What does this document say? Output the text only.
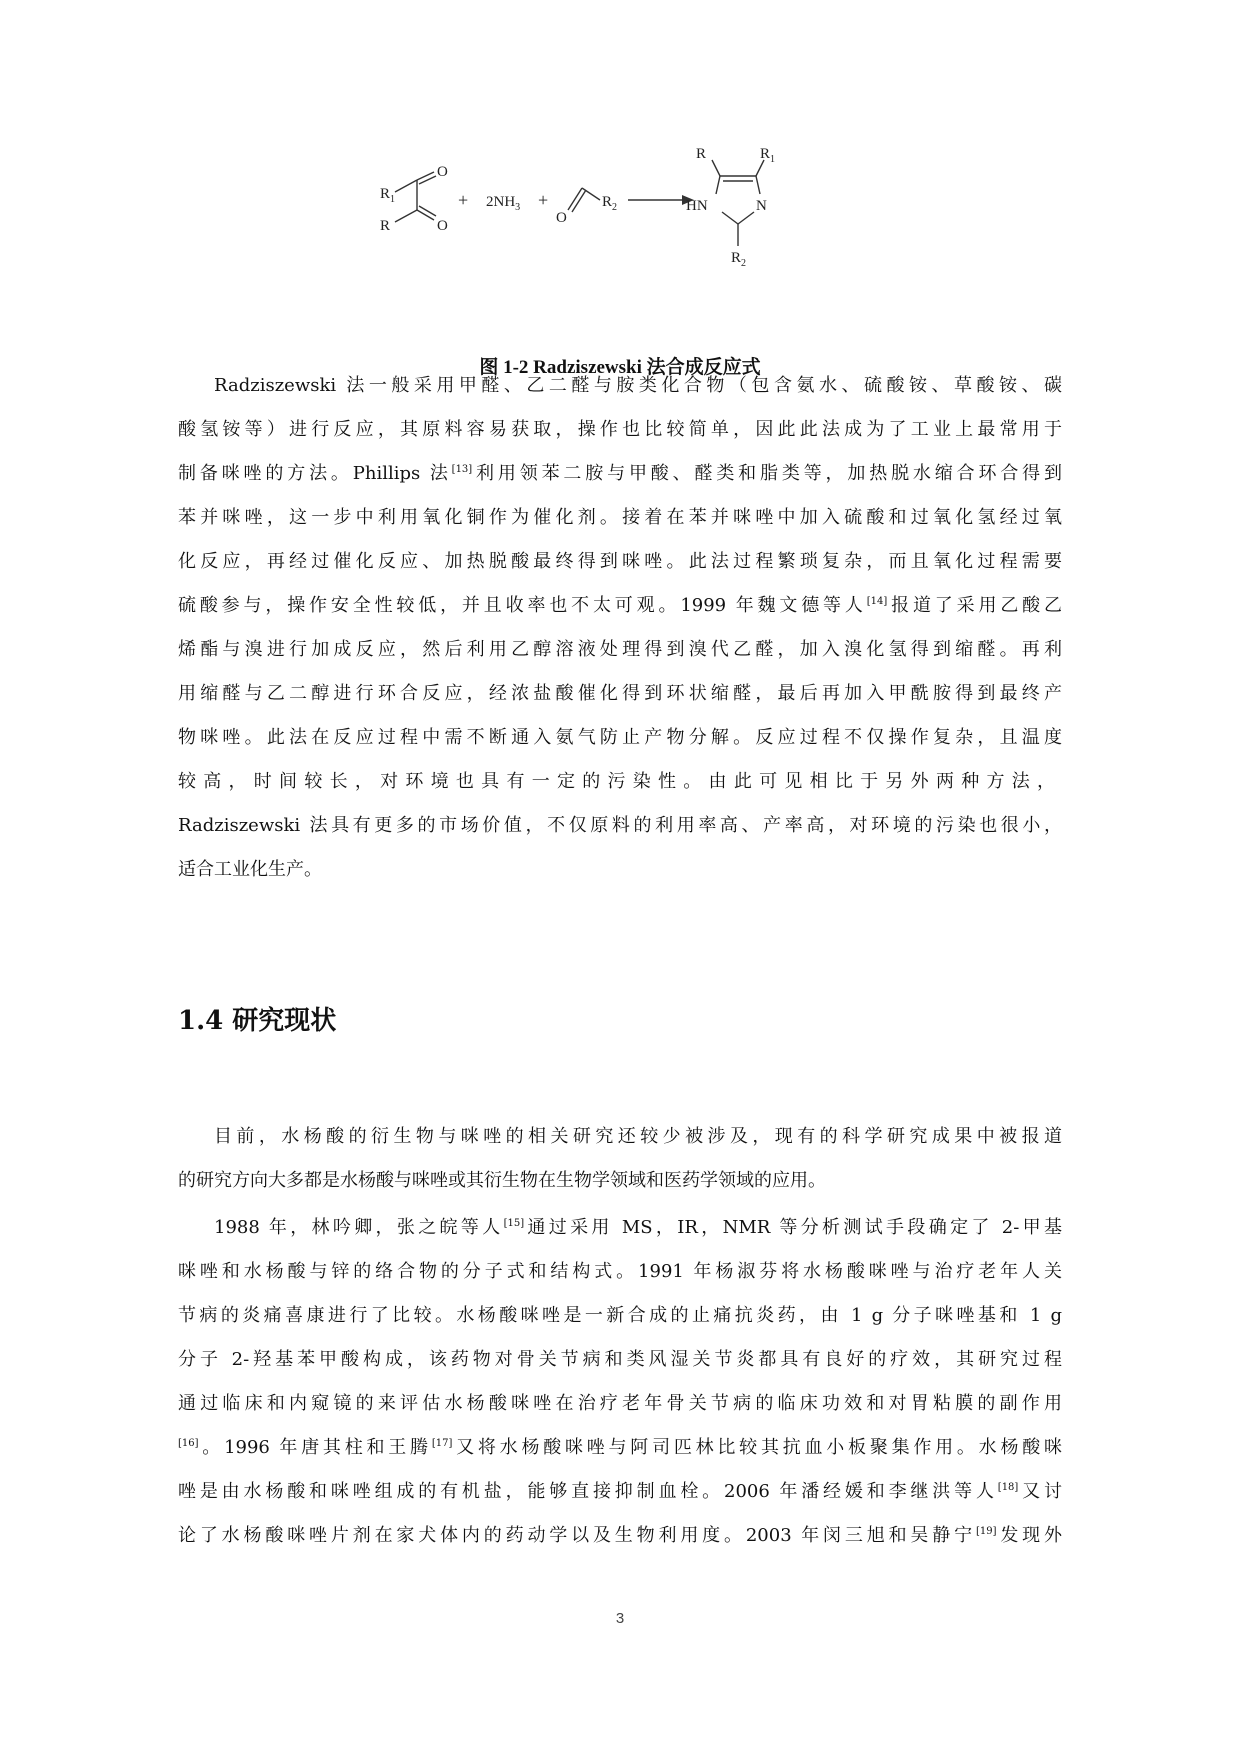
$R_1$
R
O
O
+ $2NH_3$ +
O
$R_2$
R	$R_1$
HN	N
$R_2$
图 1-2 Radziszewski 法合成反应式
Radziszewski 法一般采用甲醛、乙二醛与胺类化合物（包含氨水、硫酸铵、草酸铵、碳
酸氢铵等）进行反应，其原料容易获取，操作也比较简单，因此此法成为了工业上最常用于
制备咪唑的方法。Phillips 法[13]利用领苯二胺与甲酸、醛类和脂类等，加热脱水缩合环合得到
苯并咪唑，这一步中利用氧化铜作为催化剂。接着在苯并咪唑中加入硫酸和过氧化氢经过氧
化反应，再经过催化反应、加热脱酸最终得到咪唑。此法过程繁琐复杂，而且氧化过程需要
硫酸参与，操作安全性较低，并且收率也不太可观。1999 年魏文德等人[14]报道了采用乙酸乙
烯酯与溴进行加成反应，然后利用乙醇溶液处理得到溴代乙醛，加入溴化氢得到缩醛。再利
用缩醛与乙二醇进行环合反应，经浓盐酸催化得到环状缩醛，最后再加入甲酰胺得到最终产
物咪唑。此法在反应过程中需不断通入氨气防止产物分解。反应过程不仅操作复杂，且温度
较高，时间较长，对环境也具有一定的污染性。由此可见相比于另外两种方法，
Radziszewski 法具有更多的市场价值，不仅原料的利用率高、产率高，对环境的污染也很小，
适合工业化生产。
1.4 研究现状
目前，水杨酸的衍生物与咪唑的相关研究还较少被涉及，现有的科学研究成果中被报道
的研究方向大多都是水杨酸与咪唑或其衍生物在生物学领域和医药学领域的应用。
1988 年，林吟卿，张之皖等人[15]通过采用 MS，IR，NMR 等分析测试手段确定了 2-甲基
咪唑和水杨酸与锌的络合物的分子式和结构式。1991 年杨淑芬将水杨酸咪唑与治疗老年人关
节病的炎痛喜康进行了比较。水杨酸咪唑是一新合成的止痛抗炎药，由 1 g 分子咪唑基和 1 g
分子 2-羟基苯甲酸构成，该药物对骨关节病和类风湿关节炎都具有良好的疗效，其研究过程
通过临床和内窥镜的来评估水杨酸咪唑在治疗老年骨关节病的临床功效和对胃粘膜的副作用
[16]。1996 年唐其柱和王腾[17]又将水杨酸咪唑与阿司匹林比较其抗血小板聚集作用。水杨酸咪
唑是由水杨酸和咪唑组成的有机盐，能够直接抑制血栓。2006 年潘经媛和李继洪等人[18]又讨
论了水杨酸咪唑片剂在家犬体内的药动学以及生物利用度。2003 年闵三旭和吴静宁[19]发现外
3
